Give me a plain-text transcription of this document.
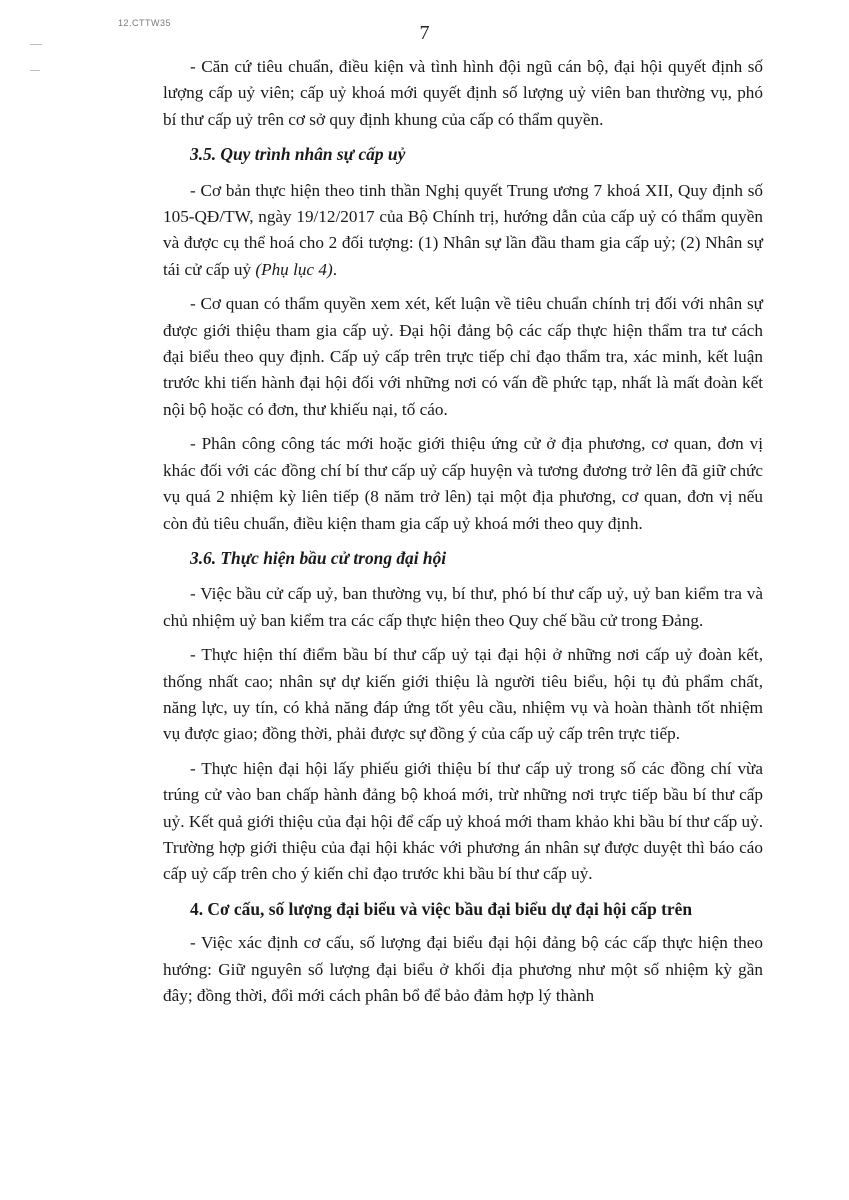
12.CTTW35	7

- Căn cứ tiêu chuẩn, điều kiện và tình hình đội ngũ cán bộ, đại hội quyết định số lượng cấp uỷ viên; cấp uỷ khoá mới quyết định số lượng uỷ viên ban thường vụ, phó bí thư cấp uỷ trên cơ sở quy định khung của cấp có thẩm quyền.

3.5. Quy trình nhân sự cấp uỷ

- Cơ bản thực hiện theo tinh thần Nghị quyết Trung ương 7 khoá XII, Quy định số 105-QĐ/TW, ngày 19/12/2017 của Bộ Chính trị, hướng dẫn của cấp uỷ có thẩm quyền và được cụ thể hoá cho 2 đối tượng: (1) Nhân sự lần đầu tham gia cấp uỷ; (2) Nhân sự tái cử cấp uỷ (Phụ lục 4).

- Cơ quan có thẩm quyền xem xét, kết luận về tiêu chuẩn chính trị đối với nhân sự được giới thiệu tham gia cấp uỷ. Đại hội đảng bộ các cấp thực hiện thẩm tra tư cách đại biểu theo quy định. Cấp uỷ cấp trên trực tiếp chỉ đạo thẩm tra, xác minh, kết luận trước khi tiến hành đại hội đối với những nơi có vấn đề phức tạp, nhất là mất đoàn kết nội bộ hoặc có đơn, thư khiếu nại, tố cáo.

- Phân công công tác mới hoặc giới thiệu ứng cử ở địa phương, cơ quan, đơn vị khác đối với các đồng chí bí thư cấp uỷ cấp huyện và tương đương trở lên đã giữ chức vụ quá 2 nhiệm kỳ liên tiếp (8 năm trở lên) tại một địa phương, cơ quan, đơn vị nếu còn đủ tiêu chuẩn, điều kiện tham gia cấp uỷ khoá mới theo quy định.

3.6. Thực hiện bầu cử trong đại hội

- Việc bầu cử cấp uỷ, ban thường vụ, bí thư, phó bí thư cấp uỷ, uỷ ban kiểm tra và chủ nhiệm uỷ ban kiểm tra các cấp thực hiện theo Quy chế bầu cử trong Đảng.

- Thực hiện thí điểm bầu bí thư cấp uỷ tại đại hội ở những nơi cấp uỷ đoàn kết, thống nhất cao; nhân sự dự kiến giới thiệu là người tiêu biểu, hội tụ đủ phẩm chất, năng lực, uy tín, có khả năng đáp ứng tốt yêu cầu, nhiệm vụ và hoàn thành tốt nhiệm vụ được giao; đồng thời, phải được sự đồng ý của cấp uỷ cấp trên trực tiếp.

- Thực hiện đại hội lấy phiếu giới thiệu bí thư cấp uỷ trong số các đồng chí vừa trúng cử vào ban chấp hành đảng bộ khoá mới, trừ những nơi trực tiếp bầu bí thư cấp uỷ. Kết quả giới thiệu của đại hội để cấp uỷ khoá mới tham khảo khi bầu bí thư cấp uỷ. Trường hợp giới thiệu của đại hội khác với phương án nhân sự được duyệt thì báo cáo cấp uỷ cấp trên cho ý kiến chỉ đạo trước khi bầu bí thư cấp uỷ.

4. Cơ cấu, số lượng đại biểu và việc bầu đại biểu dự đại hội cấp trên

- Việc xác định cơ cấu, số lượng đại biểu đại hội đảng bộ các cấp thực hiện theo hướng: Giữ nguyên số lượng đại biểu ở khối địa phương như một số nhiệm kỳ gần đây; đồng thời, đổi mới cách phân bổ để bảo đảm hợp lý thành
